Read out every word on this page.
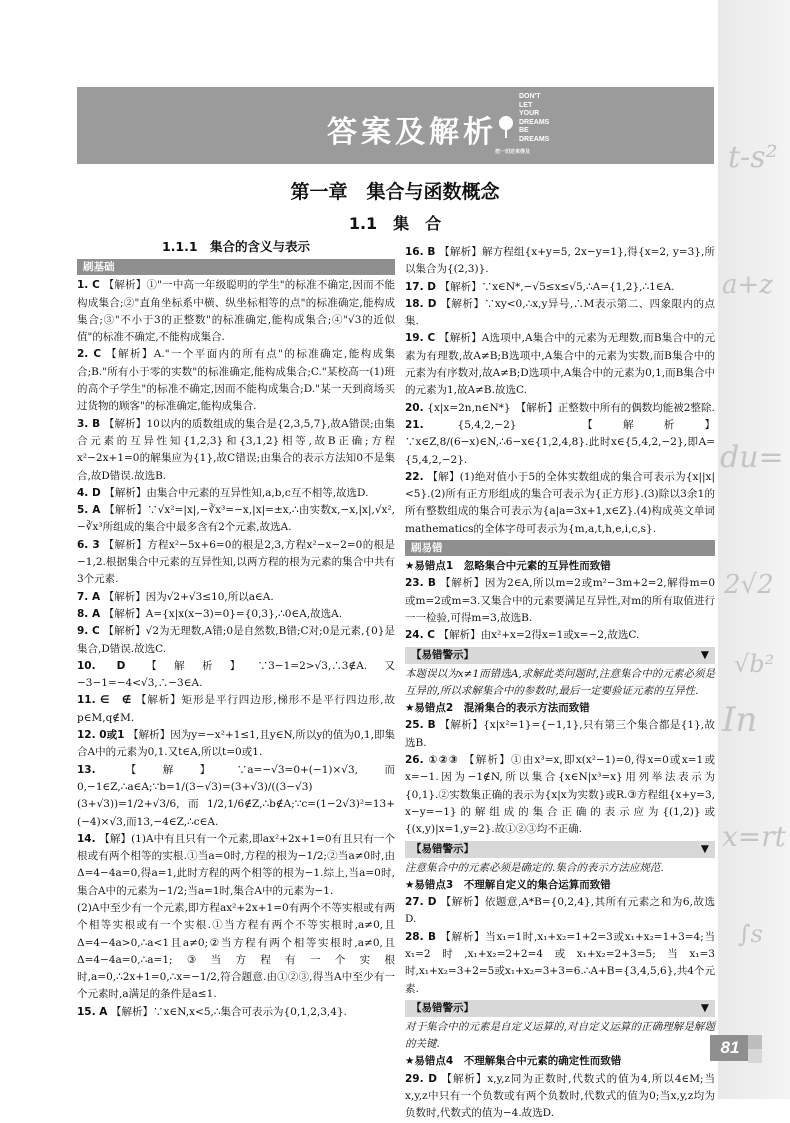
t-s²
a+z
du=
2√2
√b²
In
x=rt
∫s
答案及解析
DON'T
LET
YOUR
DREAMS
BE
DREAMS
把一切还来得及
第一章　集合与函数概念
1.1　集　合
1.1.1　集合的含义与表示
刷基础

1. C 【解析】①"一中高一年级聪明的学生"的标准不确定,因而不能构成集合;②"直角坐标系中横、纵坐标相等的点"的标准确定,能构成集合;③"不小于3的正整数"的标准确定,能构成集合;④"√3的近似值"的标准不确定,不能构成集合.

2. C 【解析】A."一个平面内的所有点"的标准确定,能构成集合;B."所有小于零的实数"的标准确定,能构成集合;C."某校高一(1)班的高个子学生"的标准不确定,因而不能构成集合;D."某一天到商场买过货物的顾客"的标准确定,能构成集合.

3. B 【解析】10以内的质数组成的集合是{2,3,5,7},故A错误;由集合元素的互异性知{1,2,3}和{3,1,2}相等,故B正确;方程x²−2x+1=0的解集应为{1},故C错误;由集合的表示方法知0不是集合,故D错误.故选B.

4. D 【解析】由集合中元素的互异性知,a,b,c互不相等,故选D.

5. A 【解析】∵√x²=|x|,−∛x³=−x,|x|=±x,∴由实数x,−x,|x|,√x²,−∛x³所组成的集合中最多含有2个元素,故选A.

6. 3 【解析】方程x²−5x+6=0的根是2,3,方程x²−x−2=0的根是−1,2.根据集合中元素的互异性知,以两方程的根为元素的集合中共有3个元素.

7. A 【解析】因为√2+√3≤10,所以a∈A.

8. A 【解析】A={x|x(x−3)=0}={0,3},∴0∈A,故选A.

9. C 【解析】√2为无理数,A错;0是自然数,B错;C对;0是元素,{0}是集合,D错误.故选C.

10. D 【解析】∵3−1=2>√3,∴3∉A.又−3−1=−4<√3,∴−3∈A.

11. ∈　∉ 【解析】矩形是平行四边形,梯形不是平行四边形,故p∈M,q∉M.

12. 0或1 【解析】因为y=−x²+1≤1,且y∈N,所以y的值为0,1,即集合A中的元素为0,1.又t∈A,所以t=0或1.

13. 【解】∵a=−√3=0+(−1)×√3,而0,−1∈Z,∴a∈A;∵b=1/(3−√3)=(3+√3)/((3−√3)(3+√3))=1/2+√3/6,而1/2,1/6∉Z,∴b∉A;∵c=(1−2√3)²=13+(−4)×√3,而13,−4∈Z,∴c∈A.

14. 【解】(1)A中有且只有一个元素,即ax²+2x+1=0有且只有一个根或有两个相等的实根.①当a=0时,方程的根为−1/2;②当a≠0时,由Δ=4−4a=0,得a=1,此时方程的两个相等的根为−1.综上,当a=0时,集合A中的元素为−1/2;当a=1时,集合A中的元素为−1.

(2)A中至少有一个元素,即方程ax²+2x+1=0有两个不等实根或有两个相等实根或有一个实根.①当方程有两个不等实根时,a≠0,且Δ=4−4a>0,∴a<1且a≠0;②当方程有两个相等实根时,a≠0,且Δ=4−4a=0,∴a=1;③当方程有一个实根时,a=0,∴2x+1=0,∴x=−1/2,符合题意.由①②③,得当A中至少有一个元素时,a满足的条件是a≤1.

15. A 【解析】∵x∈N,x<5,∴集合可表示为{0,1,2,3,4}.

16. B 【解析】解方程组{x+y=5, 2x−y=1},得{x=2, y=3},所以集合为{(2,3)}.

17. D 【解析】∵x∈N*,−√5≤x≤√5,∴A={1,2},∴1∈A.

18. D 【解析】∵xy<0,∴x,y异号,∴M表示第二、四象限内的点集.

19. C 【解析】A选项中,A集合中的元素为无理数,而B集合中的元素为有理数,故A≠B;B选项中,A集合中的元素为实数,而B集合中的元素为有序数对,故A≠B;D选项中,A集合中的元素为0,1,而B集合中的元素为1,故A≠B.故选C.

20. {x|x=2n,n∈N*}　【解析】正整数中所有的偶数均能被2整除.

21. {5,4,2,−2}　【解析】∵x∈Z,8/(6−x)∈N,∴6−x∈{1,2,4,8}.此时x∈{5,4,2,−2},即A={5,4,2,−2}.

22. 【解】(1)绝对值小于5的全体实数组成的集合可表示为{x||x|<5}.(2)所有正方形组成的集合可表示为{正方形}.(3)除以3余1的所有整数组成的集合可表示为{a|a=3x+1,x∈Z}.(4)构成英文单词mathematics的全体字母可表示为{m,a,t,h,e,i,c,s}.

刷易错
★易错点1　忽略集合中元素的互异性而致错

23. B 【解析】因为2∈A,所以m=2或m²−3m+2=2,解得m=0或m=2或m=3.又集合中的元素要满足互异性,对m的所有取值进行一一检验,可得m=3,故选B.

24. C 【解析】由x²+x=2得x=1或x=−2,故选C.

【易错警示】	▼

本题误以为x≠1而错选A,求解此类问题时,注意集合中的元素必须是互异的,所以求解集合中的参数时,最后一定要验证元素的互异性.

★易错点2　混淆集合的表示方法而致错

25. B 【解析】{x|x²=1}={−1,1},只有第三个集合都是{1},故选B.

26. ①②③ 【解析】①由x³=x,即x(x²−1)=0,得x=0或x=1或x=−1.因为−1∉N,所以集合{x∈N|x³=x}用列举法表示为{0,1}.②实数集正确的表示为{x|x为实数}或R.③方程组{x+y=3, x−y=−1}的解组成的集合正确的表示应为{(1,2)}或{(x,y)|x=1,y=2}.故①②③均不正确.

【易错警示】	▼

注意集合中的元素必须是确定的.集合的表示方法应规范.

★易错点3　不理解自定义的集合运算而致错

27. D 【解析】依题意,A*B={0,2,4},其所有元素之和为6,故选D.

28. B 【解析】当x₁=1时,x₁+x₂=1+2=3或x₁+x₂=1+3=4;当x₁=2时,x₁+x₂=2+2=4或x₁+x₂=2+3=5;当x₁=3时,x₁+x₂=3+2=5或x₁+x₂=3+3=6.∴A+B={3,4,5,6},共4个元素.

【易错警示】	▼

对于集合中的元素是自定义运算的,对自定义运算的正确理解是解题的关键.

★易错点4　不理解集合中元素的确定性而致错

29. D 【解析】x,y,z同为正数时,代数式的值为4,所以4∈M;当x,y,z中只有一个负数或有两个负数时,代数式的值为0;当x,y,z均为负数时,代数式的值为−4.故选D.

81
